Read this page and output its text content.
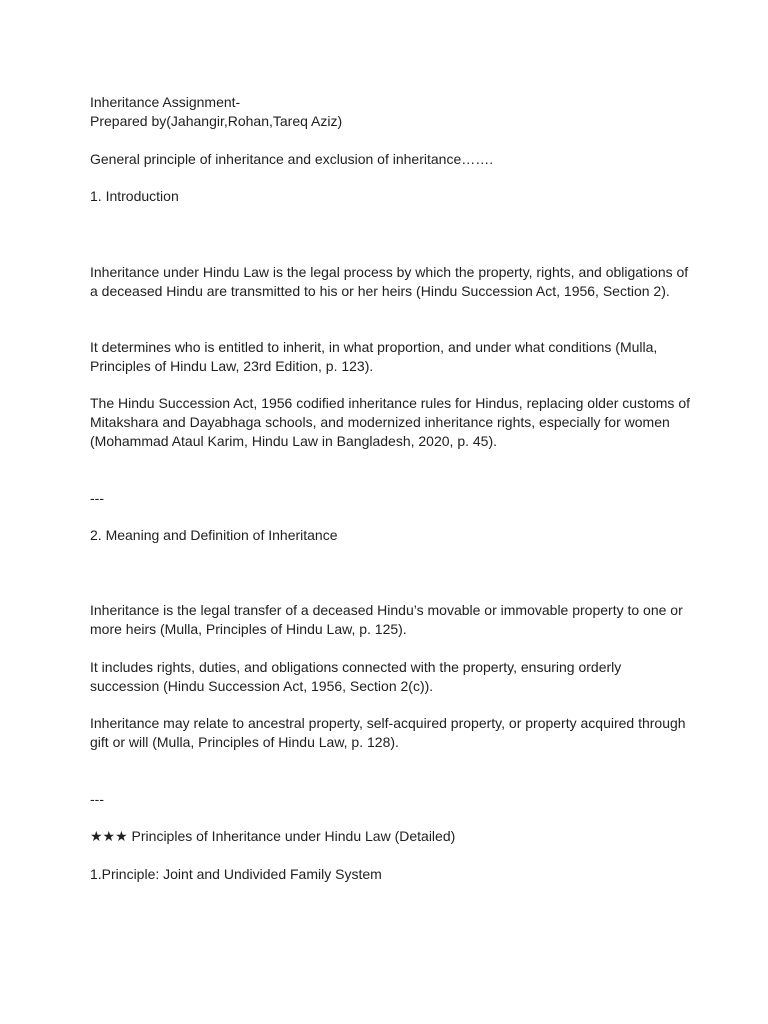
Inheritance Assignment-

Prepared by(Jahangir,Rohan,Tareq Aziz)

General principle of inheritance and exclusion of inheritance…….

1. Introduction

Inheritance under Hindu Law is the legal process by which the property, rights, and obligations of a deceased Hindu are transmitted to his or her heirs (Hindu Succession Act, 1956, Section 2).

It determines who is entitled to inherit, in what proportion, and under what conditions (Mulla, Principles of Hindu Law, 23rd Edition, p. 123).

The Hindu Succession Act, 1956 codified inheritance rules for Hindus, replacing older customs of Mitakshara and Dayabhaga schools, and modernized inheritance rights, especially for women (Mohammad Ataul Karim, Hindu Law in Bangladesh, 2020, p. 45).

---

2. Meaning and Definition of Inheritance

Inheritance is the legal transfer of a deceased Hindu’s movable or immovable property to one or more heirs (Mulla, Principles of Hindu Law, p. 125).

It includes rights, duties, and obligations connected with the property, ensuring orderly succession (Hindu Succession Act, 1956, Section 2(c)).

Inheritance may relate to ancestral property, self-acquired property, or property acquired through gift or will (Mulla, Principles of Hindu Law, p. 128).

---

★★★ Principles of Inheritance under Hindu Law (Detailed)

1.Principle: Joint and Undivided Family System
